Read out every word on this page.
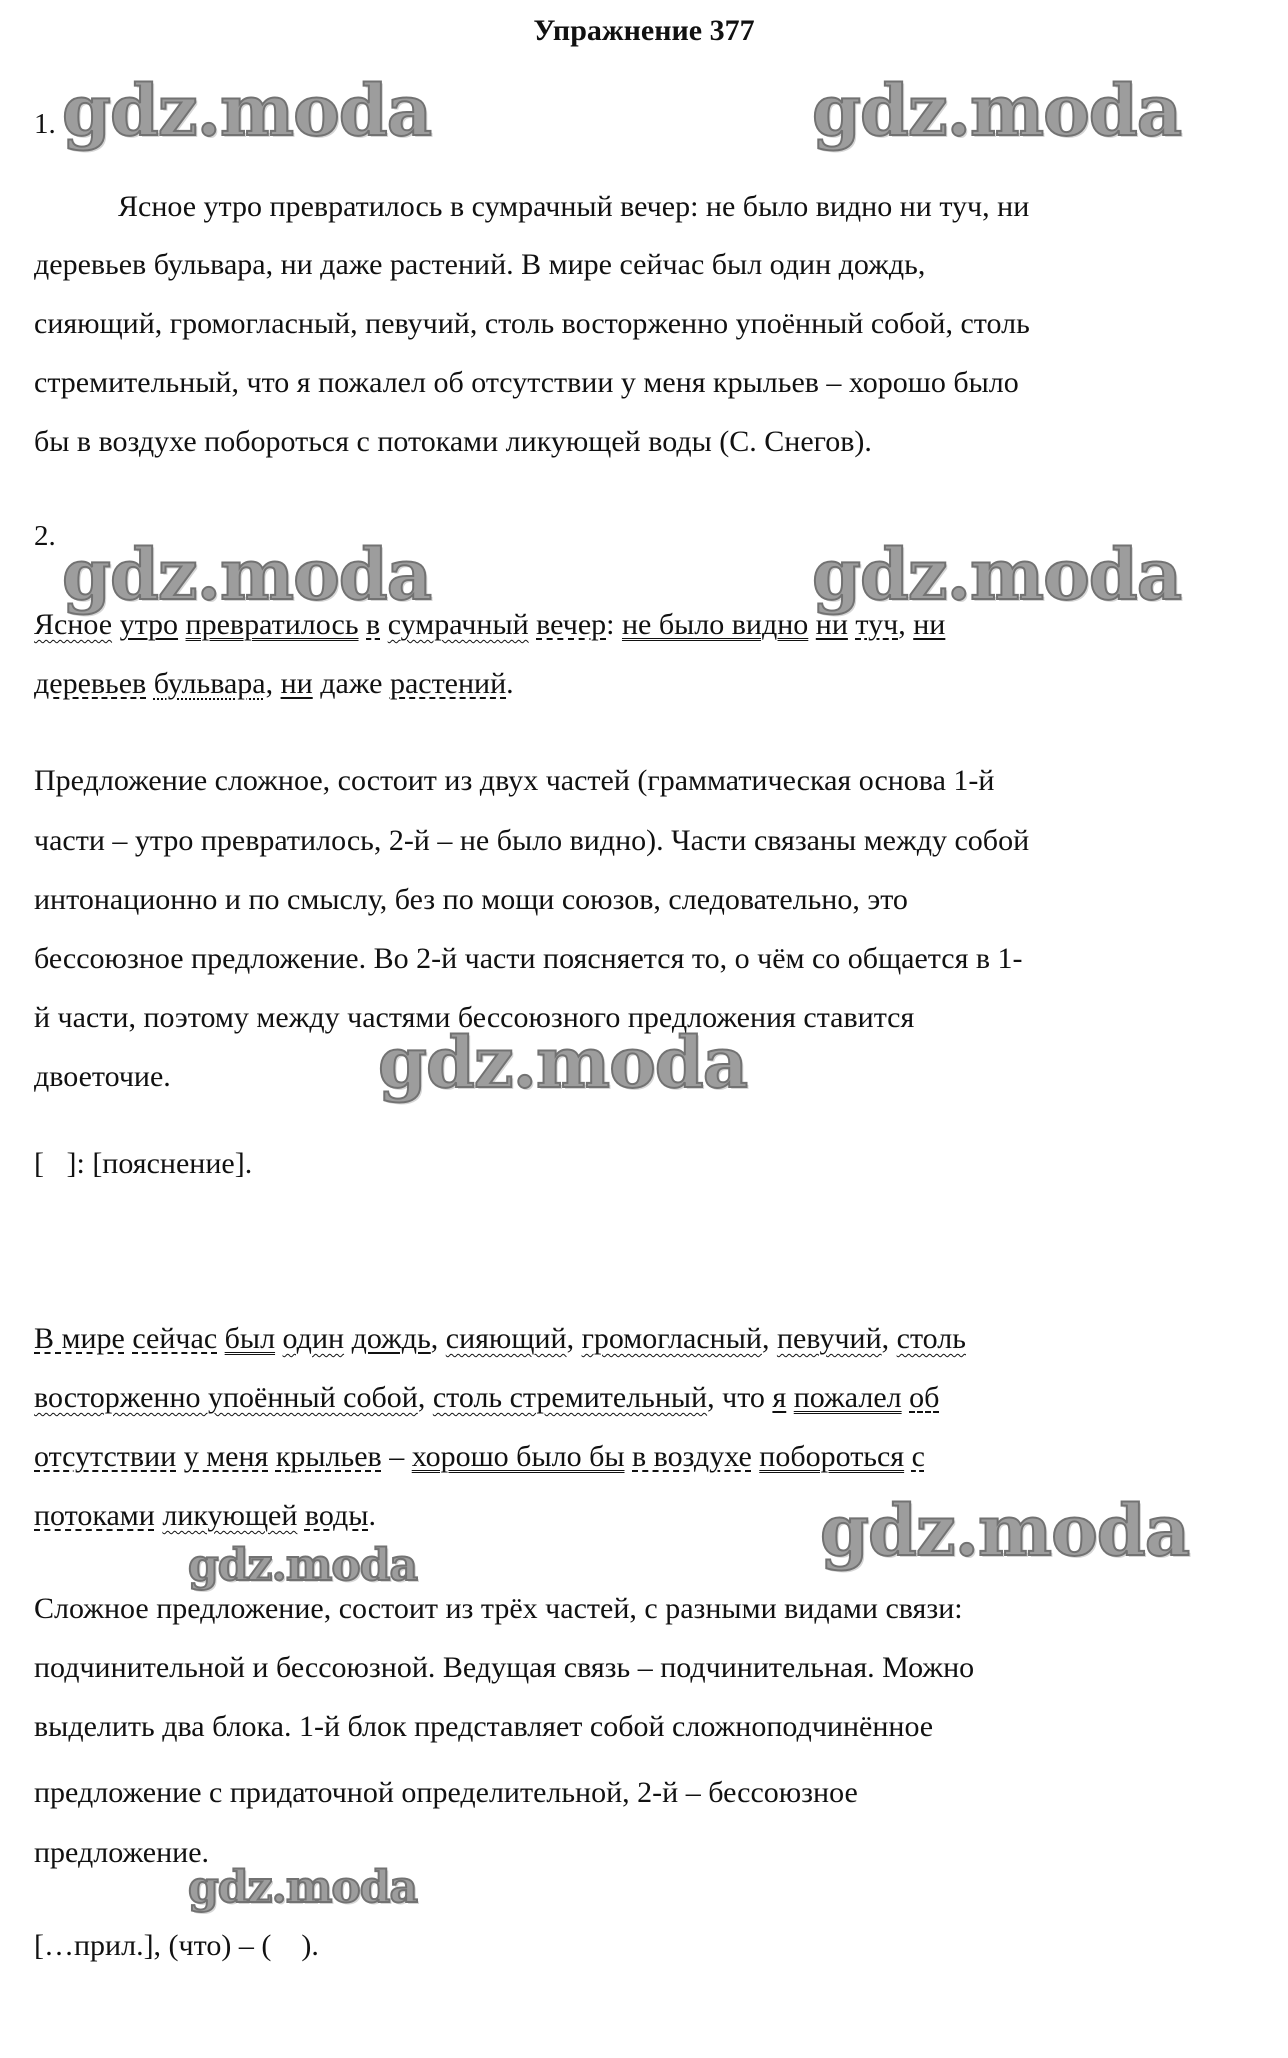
Упражнение 377
gdz.moda	gdz.moda
gdz.moda	gdz.moda
gdz.moda
gdz.moda
gdz.moda
gdz.moda
1.
Ясное утро превратилось в сумрачный вечер: не было видно ни туч, ни
деревьев бульвара, ни даже растений. В мире сейчас был один дождь,
сияющий, громогласный, певучий, столь восторженно упоённый собой, столь
стремительный, что я пожалел об отсутствии у меня крыльев – хорошо было
бы в воздухе побороться с потоками ликующей воды (С. Снегов).
2.
Ясное утро превратилось в сумрачный вечер: не было видно ни туч, ни
деревьев бульвара, ни даже растений.
Предложение сложное, состоит из двух частей (грамматическая основа 1-й
части – утро превратилось, 2-й – не было видно). Части связаны между собой
интонационно и по смыслу, без по мощи союзов, следовательно, это
бессоюзное предложение. Во 2-й части поясняется то, о чём со общается в 1-
й части, поэтому между частями бессоюзного предложения ставится
двоеточие.
[   ]: [пояснение].
В мире сейчас был один дождь, сияющий, громогласный, певучий, столь
восторженно упоённый собой, столь стремительный, что я пожалел об
отсутствии у меня крыльев – хорошо было бы в воздухе побороться с
потоками ликующей воды.
Сложное предложение, состоит из трёх частей, с разными видами связи:
подчинительной и бессоюзной. Ведущая связь – подчинительная. Можно
выделить два блока. 1-й блок представляет собой сложноподчинённое
предложение с придаточной определительной, 2-й – бессоюзное
предложение.
[…прил.], (что) – (    ).
